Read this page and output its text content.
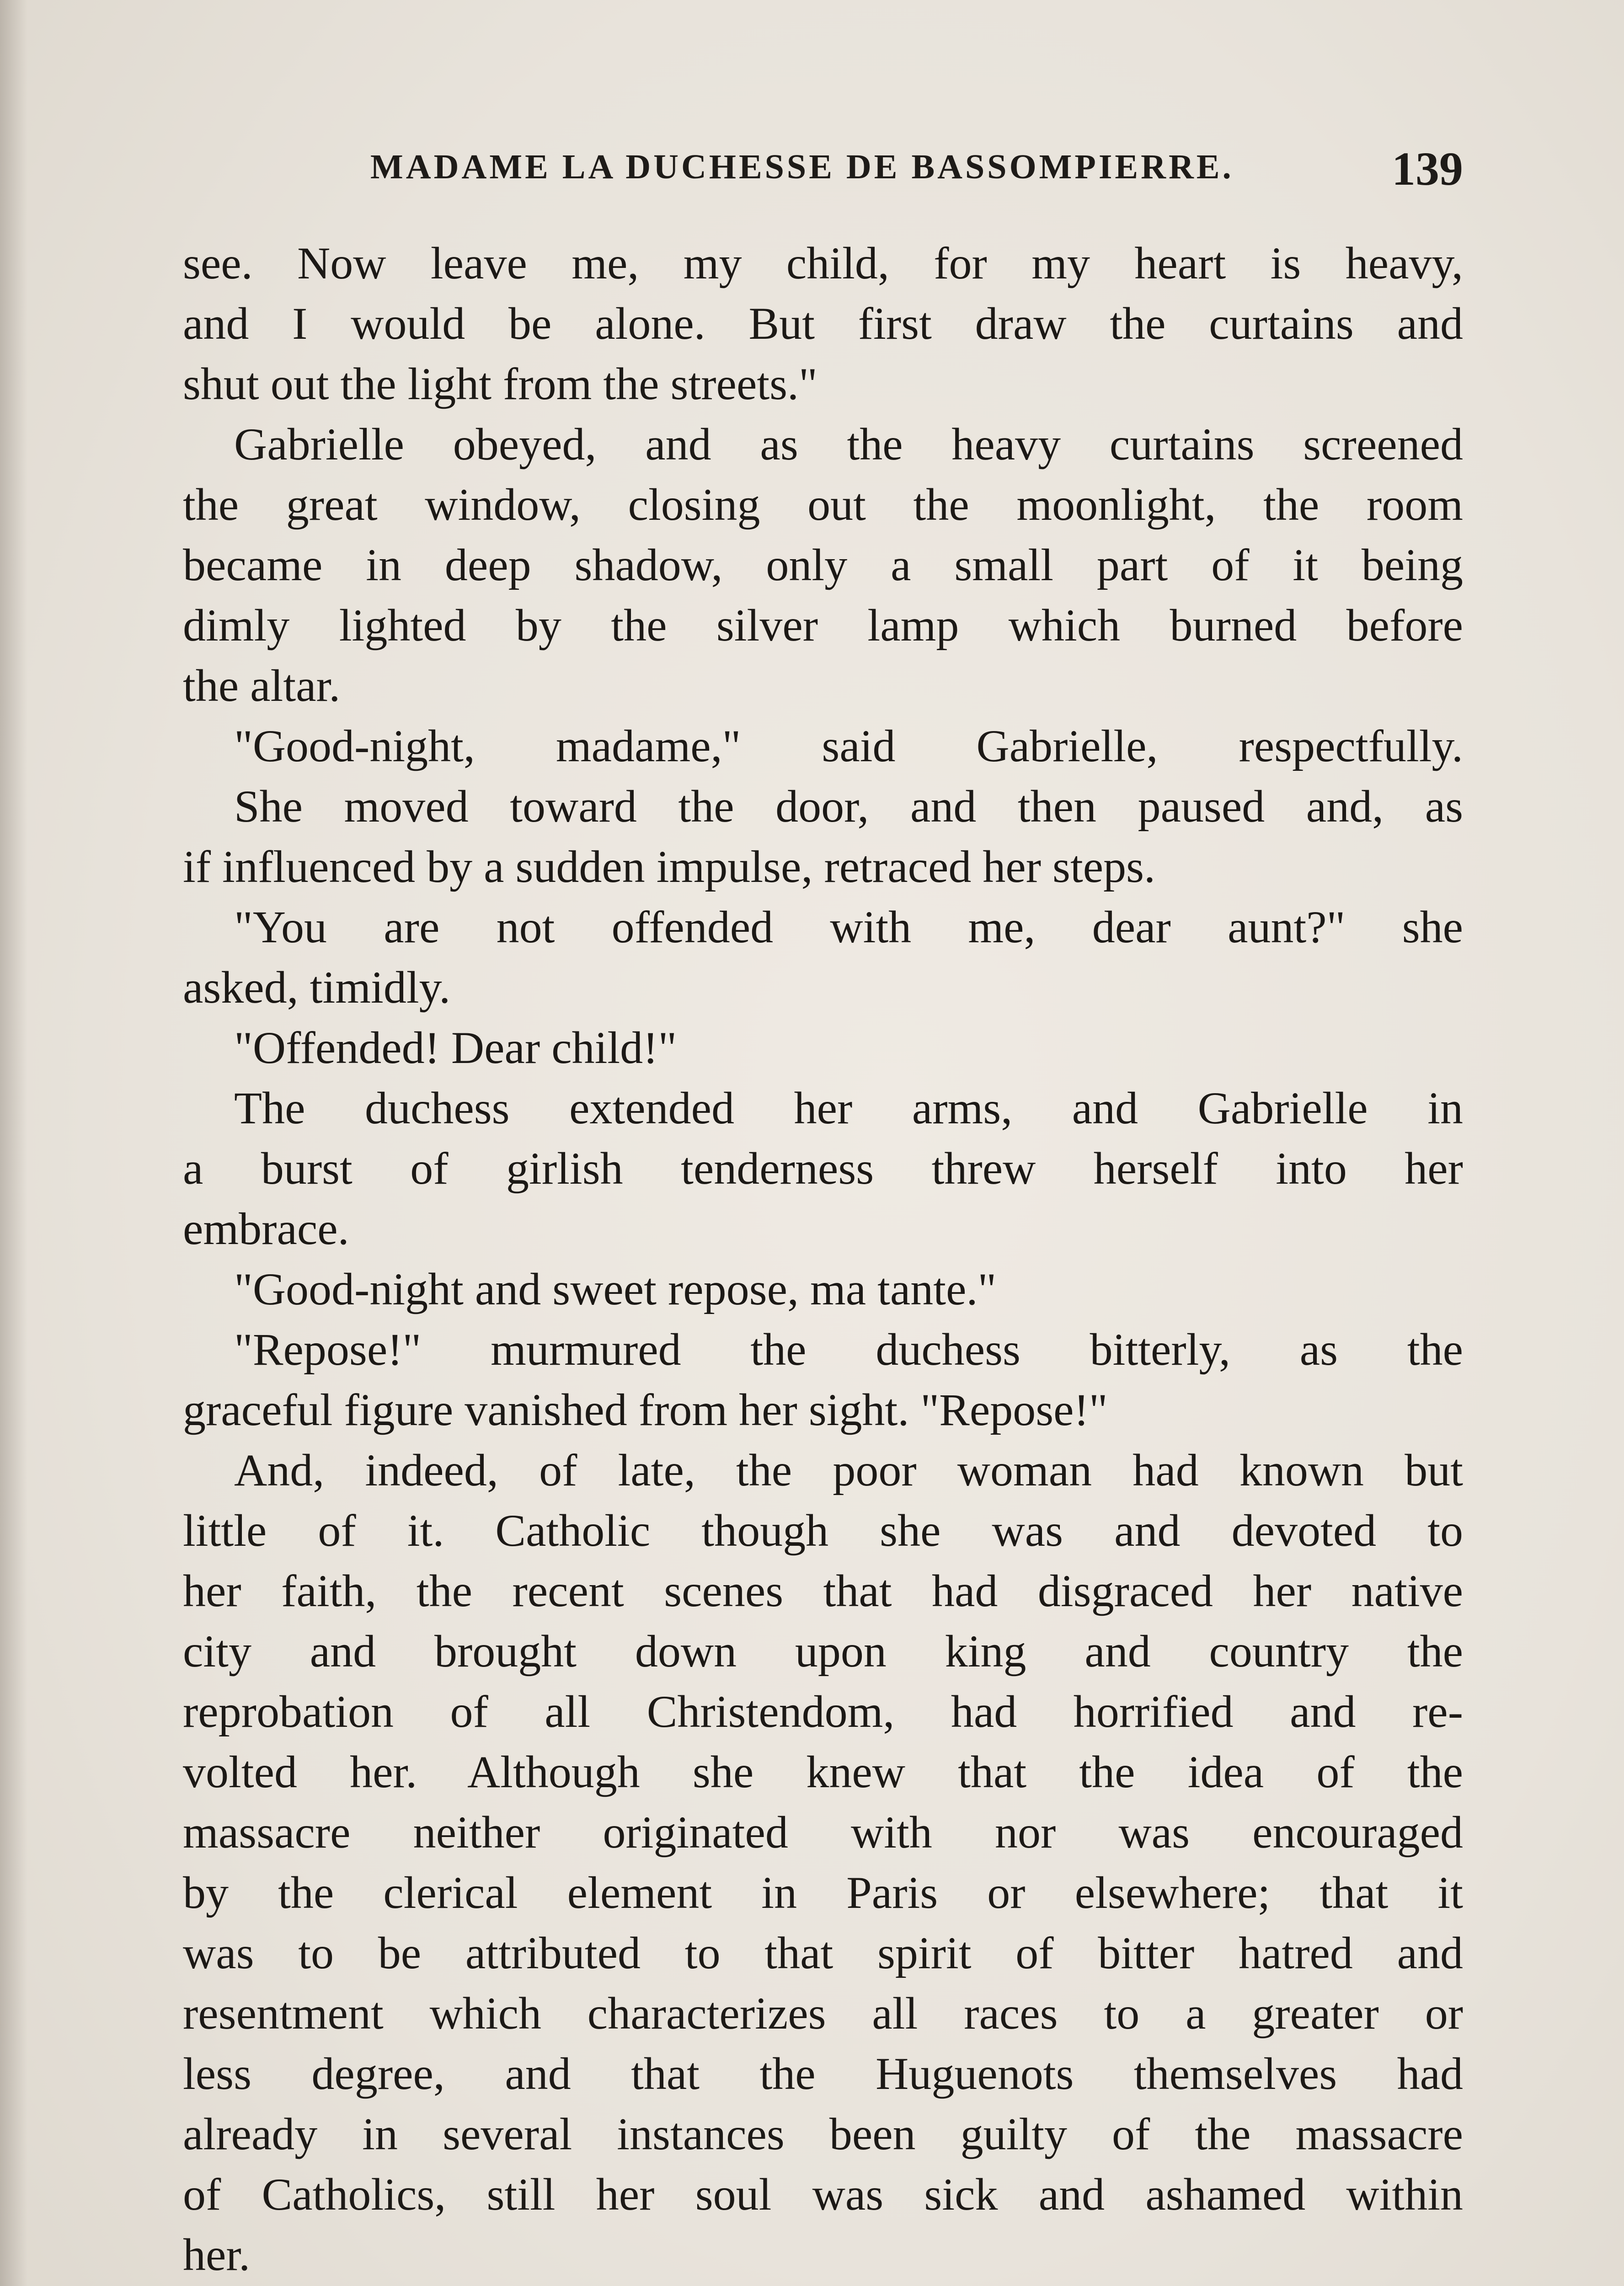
MADAME LA DUCHESSE DE BASSOMPIERRE.	139
see. Now leave me, my child, for my heart is heavy,
and I would be alone. But first draw the curtains and
shut out the light from the streets."
Gabrielle obeyed, and as the heavy curtains screened
the great window, closing out the moonlight, the room
became in deep shadow, only a small part of it being
dimly lighted by the silver lamp which burned before
the altar.
"Good-night, madame," said Gabrielle, respectfully.
She moved toward the door, and then paused and, as
if influenced by a sudden impulse, retraced her steps.
"You are not offended with me, dear aunt?" she
asked, timidly.
"Offended! Dear child!"
The duchess extended her arms, and Gabrielle in
a burst of girlish tenderness threw herself into her
embrace.
"Good-night and sweet repose, ma tante."
"Repose!" murmured the duchess bitterly, as the
graceful figure vanished from her sight. "Repose!"
And, indeed, of late, the poor woman had known but
little of it. Catholic though she was and devoted to
her faith, the recent scenes that had disgraced her native
city and brought down upon king and country the
reprobation of all Christendom, had horrified and re-
volted her. Although she knew that the idea of the
massacre neither originated with nor was encouraged
by the clerical element in Paris or elsewhere; that it
was to be attributed to that spirit of bitter hatred and
resentment which characterizes all races to a greater or
less degree, and that the Huguenots themselves had
already in several instances been guilty of the massacre
of Catholics, still her soul was sick and ashamed within
her.
